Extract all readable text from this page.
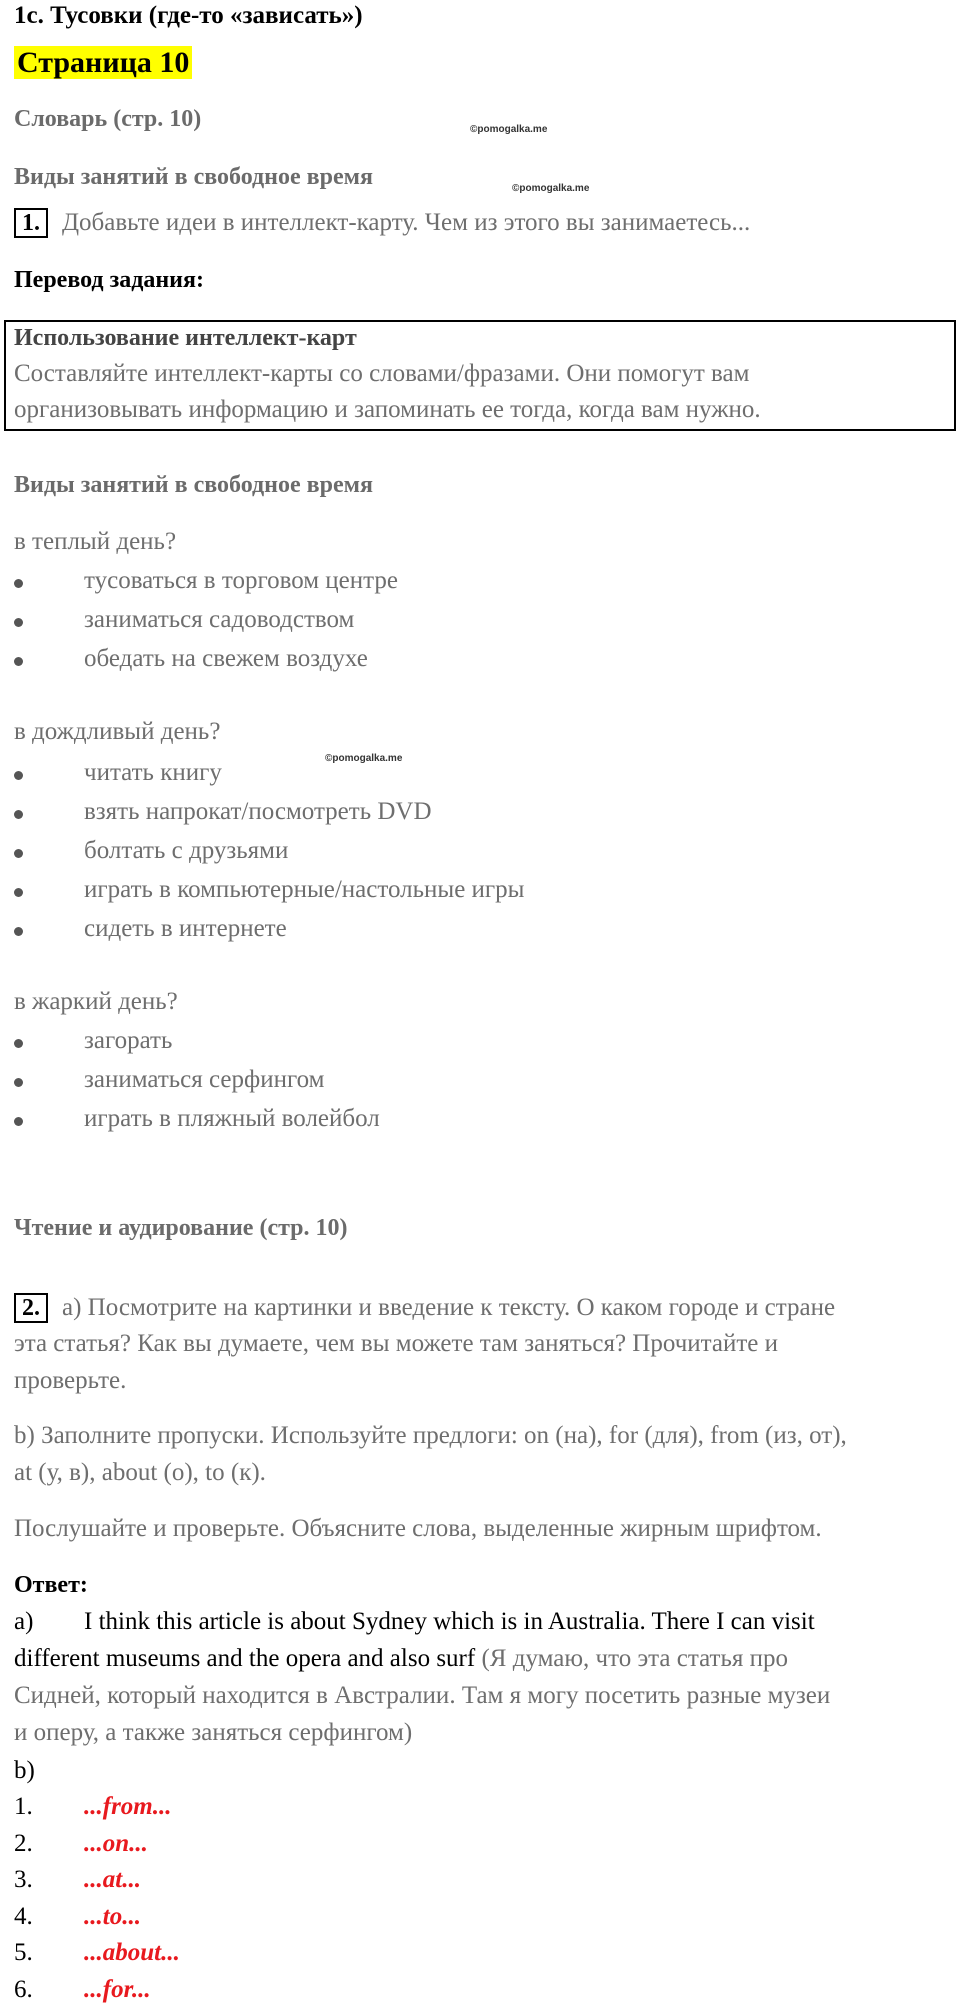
1c. Тусовки (где-то «зависать»)
Страница 10
Словарь (стр. 10)	©pomogalka.me
Виды занятий в свободное время	©pomogalka.me
1. Добавьте идеи в интеллект-карту. Чем из этого вы занимаетесь...
Перевод задания:
Использование интеллект-карт
Составляйте интеллект-карты со словами/фразами. Они помогут вам
организовывать информацию и запоминать ее тогда, когда вам нужно.
Виды занятий в свободное время
в теплый день?
тусоваться в торговом центре
заниматься садоводством
обедать на свежем воздухе
в дождливый день?
©pomogalka.me
читать книгу
взять напрокат/посмотреть DVD
болтать с друзьями
играть в компьютерные/настольные игры
сидеть в интернете
в жаркий день?
загорать
заниматься серфингом
играть в пляжный волейбол
Чтение и аудирование (стр. 10)
2. а) Посмотрите на картинки и введение к тексту. О каком городе и стране
эта статья? Как вы думаете, чем вы можете там заняться? Прочитайте и
проверьте.
b) Заполните пропуски. Используйте предлоги: on (на), for (для), from (из, от),
at (у, в), about (о), to (к).
Послушайте и проверьте. Объясните слова, выделенные жирным шрифтом.
Ответ:
a) I think this article is about Sydney which is in Australia. There I can visit
different museums and the opera and also surf (Я думаю, что эта статья про
Сидней, который находится в Австралии. Там я могу посетить разные музеи
и оперу, а также заняться серфингом)
b)
1. ...from...
2. ...on...
3. ...at...
4. ...to...
5. ...about...
6. ...for...
